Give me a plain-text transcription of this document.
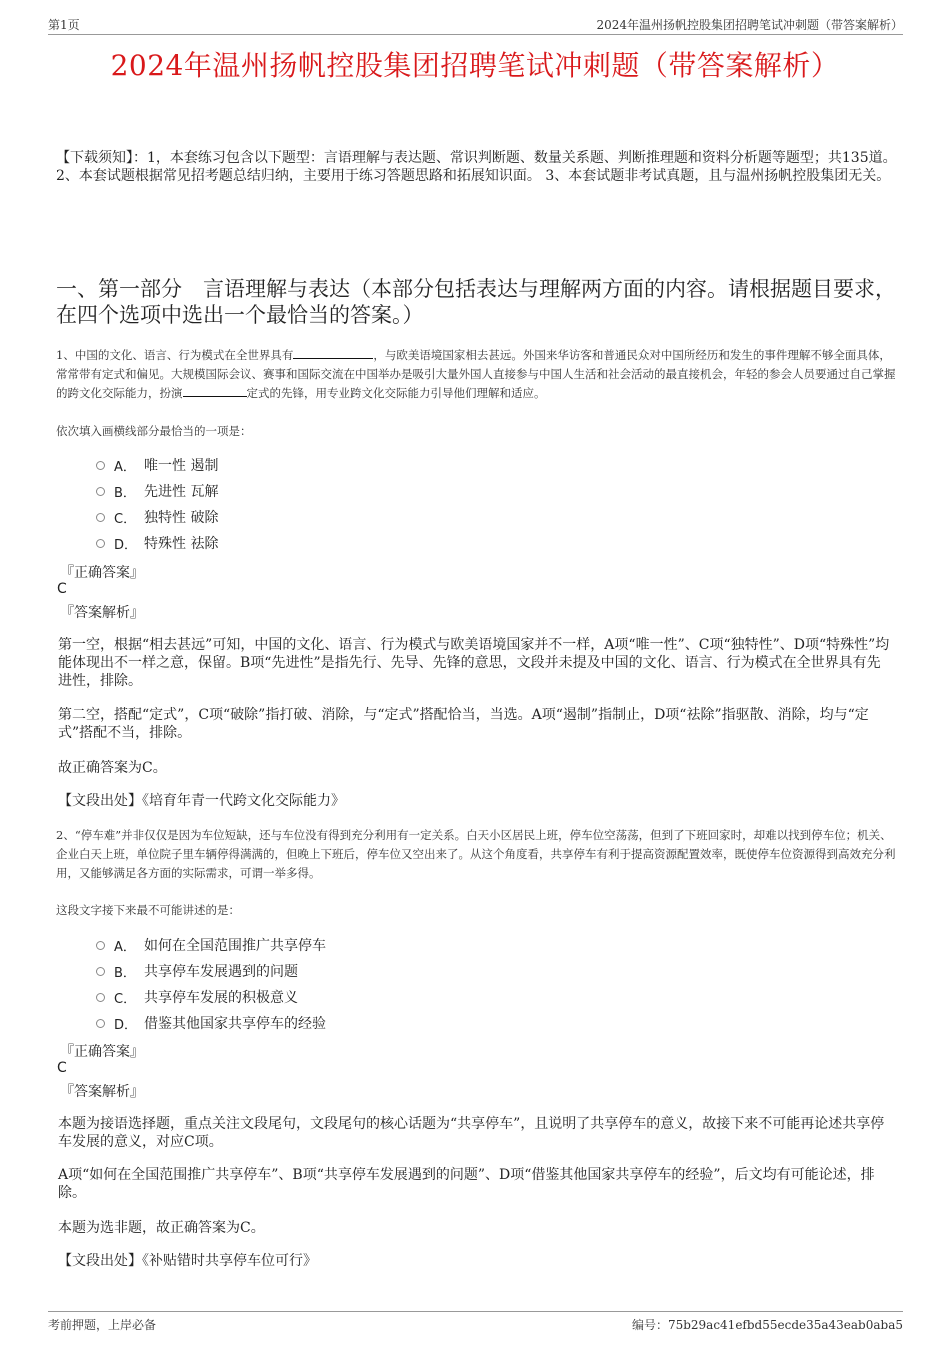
第1页	2024年温州扬帆控股集团招聘笔试冲刺题（带答案解析）
2024年温州扬帆控股集团招聘笔试冲刺题（带答案解析）
【下载须知】：1，本套练习包含以下题型：言语理解与表达题、常识判断题、数量关系题、判断推理题和资料分析题等题型；共135道。 2、本套试题根据常见招考题总结归纳，主要用于练习答题思路和拓展知识面。 3、本套试题非考试真题，且与温州扬帆控股集团无关。
一、第一部分　言语理解与表达（本部分包括表达与理解两方面的内容。请根据题目要求，在四个选项中选出一个最恰当的答案。）
1、中国的文化、语言、行为模式在全世界具有	，与欧美语境国家相去甚远。外国来华访客和普通民众对中国所经历和发生的事件理解不够全面具体，常常带有定式和偏见。大规模国际会议、赛事和国际交流在中国举办是吸引大量外国人直接参与中国人生活和社会活动的最直接机会，年轻的参会人员要通过自己掌握的跨文化交际能力，扮演	定式的先锋，用专业跨文化交际能力引导他们理解和适应。
依次填入画横线部分最恰当的一项是：
A． 唯一性 遏制
B． 先进性 瓦解
C． 独特性 破除
D． 特殊性 祛除
『正确答案』
C
『答案解析』
第一空，根据“相去甚远”可知，中国的文化、语言、行为模式与欧美语境国家并不一样，A项“唯一性”、C项“独特性”、D项“特殊性”均能体现出不一样之意，保留。B项“先进性”是指先行、先导、先锋的意思，文段并未提及中国的文化、语言、行为模式在全世界具有先进性，排除。
第二空，搭配“定式”，C项“破除”指打破、消除，与“定式”搭配恰当，当选。A项“遏制”指制止，D项“祛除”指驱散、消除，均与“定式”搭配不当，排除。
故正确答案为C。
【文段出处】《培育年青一代跨文化交际能力》
2、“停车难”并非仅仅是因为车位短缺，还与车位没有得到充分利用有一定关系。白天小区居民上班，停车位空荡荡，但到了下班回家时，却难以找到停车位；机关、企业白天上班，单位院子里车辆停得满满的，但晚上下班后，停车位又空出来了。从这个角度看，共享停车有利于提高资源配置效率，既使停车位资源得到高效充分利用，又能够满足各方面的实际需求，可谓一举多得。
这段文字接下来最不可能讲述的是：
A． 如何在全国范围推广共享停车
B． 共享停车发展遇到的问题
C． 共享停车发展的积极意义
D． 借鉴其他国家共享停车的经验
『正确答案』
C
『答案解析』
本题为接语选择题，重点关注文段尾句，文段尾句的核心话题为“共享停车”，且说明了共享停车的意义，故接下来不可能再论述共享停车发展的意义，对应C项。
A项“如何在全国范围推广共享停车”、B项“共享停车发展遇到的问题”、D项“借鉴其他国家共享停车的经验”，后文均有可能论述，排除。
本题为选非题，故正确答案为C。
【文段出处】《补贴错时共享停车位可行》
考前押题，上岸必备	编号：75b29ac41efbd55ecde35a43eab0aba5
